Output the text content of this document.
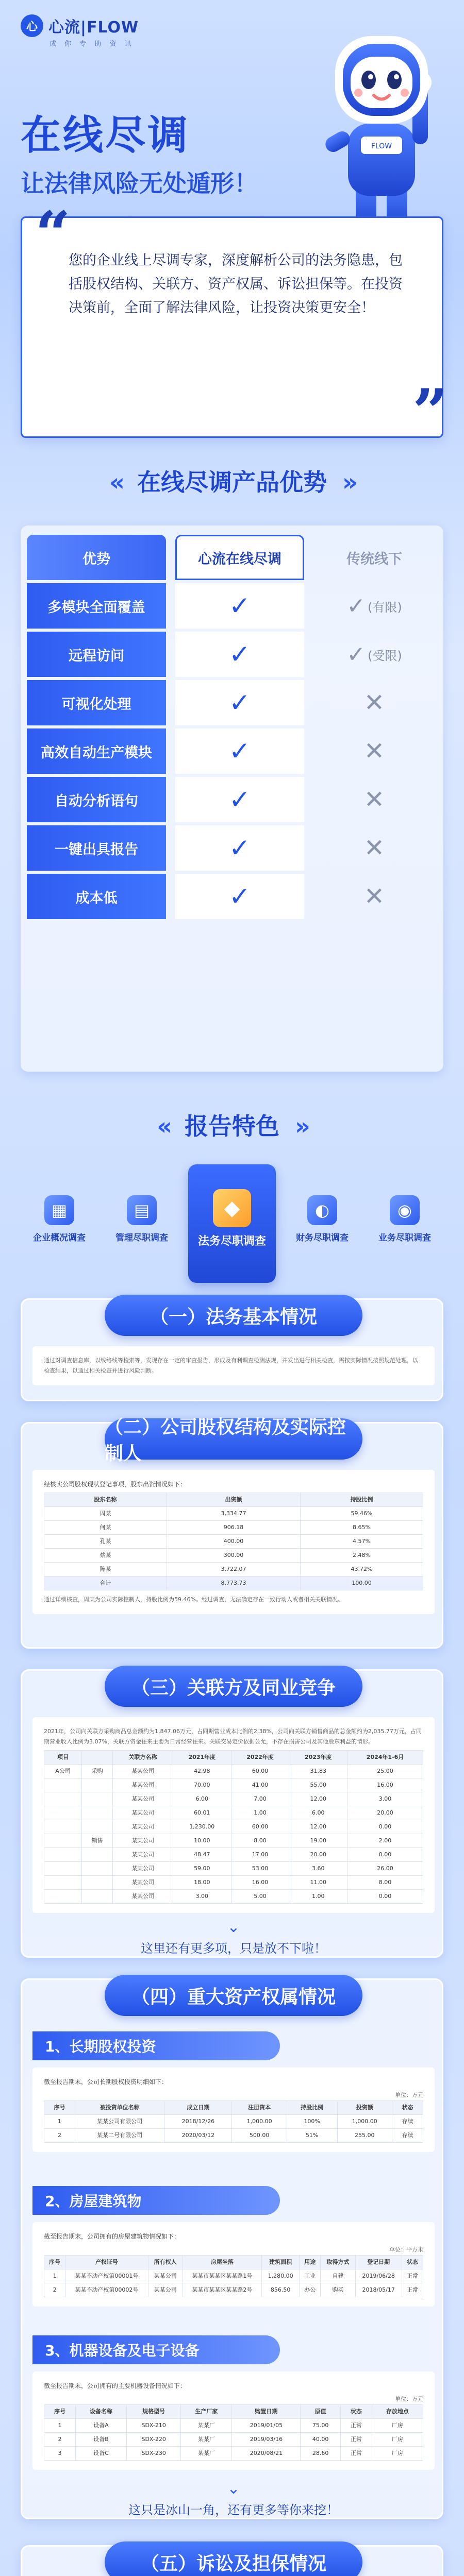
心 心流|FLOW
成 你 专 助 资 讯
在线尽调
让法律风险无处遁形！
FLOW
您的企业线上尽调专家，深度解析公司的法务隐患，包括股权结构、关联方、资产权属、诉讼担保等。在投资决策前，全面了解法律风险，让投资决策更安全！
“
”
« 在线尽调产品优势 »
优势	心流在线尽调	传统线下
多模块全面覆盖	✓	✓ (有限)
远程访问	✓	✓ (受限)
可视化处理	✓	✕
高效自动生产模块	✓	✕
自动分析语句	✓	✕
一键出具报告	✓	✕
成本低	✓	✕
« 报告特色 »
▦
企业概况调查
▤
管理尽职调查
◆
法务尽职调查
◐
财务尽职调查
◉
业务尽职调查
（一）法务基本情况
通过对调查信息库，以线络线等检索等，发现存在一定的审查报告，形成及有利调查检测法规，并发出进行相关检查，需按实际情况按照规范处理，以检查结果，以通过相关检查并进行风险判断。
（二）公司股权结构及实际控制人
经核实公司股权现状登记事项，股东出资情况如下：
股东名称	出资额	持股比例
周某	3,334.77	59.46%
何某	906.18	8.65%
孔某	400.00	4.57%
蔡某	300.00	2.48%
陈某	3,722.07	43.72%
合计	8,773.73	100.00
通过详细核查，周某为公司实际控制人，持股比例为59.46%。经过调查，无法确定存在一致行动人或者相关关联情况。
（三）关联方及同业竞争
2021年，公司向关联方采购商品总金额约为1,847.06万元，占同期营业成本比例的2.38%，公司向关联方销售商品的总金额约为2,035.77万元，占同期营业收入比例为3.07%，关联方资金往来主要为日常经营往来。关联交易定价依据公允，不存在损害公司及其他股东利益的情形。
项目		关联方名称	2021年度	2022年度	2023年度	2024年1-6月
A公司	采购	某某公司	42.98	60.00	31.83	25.00
		某某公司	70.00	41.00	55.00	16.00
		某某公司	6.00	7.00	12.00	3.00
		某某公司	60.01	1.00	6.00	20.00
		某某公司	1,230.00	60.00	12.00	0.00
	销售	某某公司	10.00	8.00	19.00	2.00
		某某公司	48.47	17.00	20.00	0.00
		某某公司	59.00	53.00	3.60	26.00
		某某公司	18.00	16.00	11.00	8.00
		某某公司	3.00	5.00	1.00	0.00
⌄
这里还有更多项，只是放不下啦！
（四）重大资产权属情况
1、长期股权投资
截至报告期末，公司长期股权投资明细如下：
单位：万元
序号	被投资单位名称	成立日期	注册资本	持股比例	投资额	状态
1	某某公司有限公司	2018/12/26	1,000.00	100%	1,000.00	存续
2	某某二号有限公司	2020/03/12	500.00	51%	255.00	存续
2、房屋建筑物
截至报告期末，公司拥有的房屋建筑物情况如下：
单位：平方米
序号	产权证号	所有权人	房屋坐落	建筑面积	用途	取得方式	登记日期	状态
1	某某不动产权第00001号	某某公司	某某市某某区某某路1号	1,280.00	工业	自建	2019/06/28	正常
2	某某不动产权第00002号	某某公司	某某市某某区某某路2号	856.50	办公	购买	2018/05/17	正常
3、机器设备及电子设备
截至报告期末，公司拥有的主要机器设备情况如下：
单位：万元
序号	设备名称	规格型号	生产厂家	购置日期	原值	状态	存放地点
1	设备A	SDX-210	某某厂	2019/01/05	75.00	正常	厂房
2	设备B	SDX-220	某某厂	2019/03/16	40.00	正常	厂房
3	设备C	SDX-230	某某厂	2020/08/21	28.60	正常	厂房
⌄
这只是冰山一角，还有更多等你来挖！
（五）诉讼及担保情况
